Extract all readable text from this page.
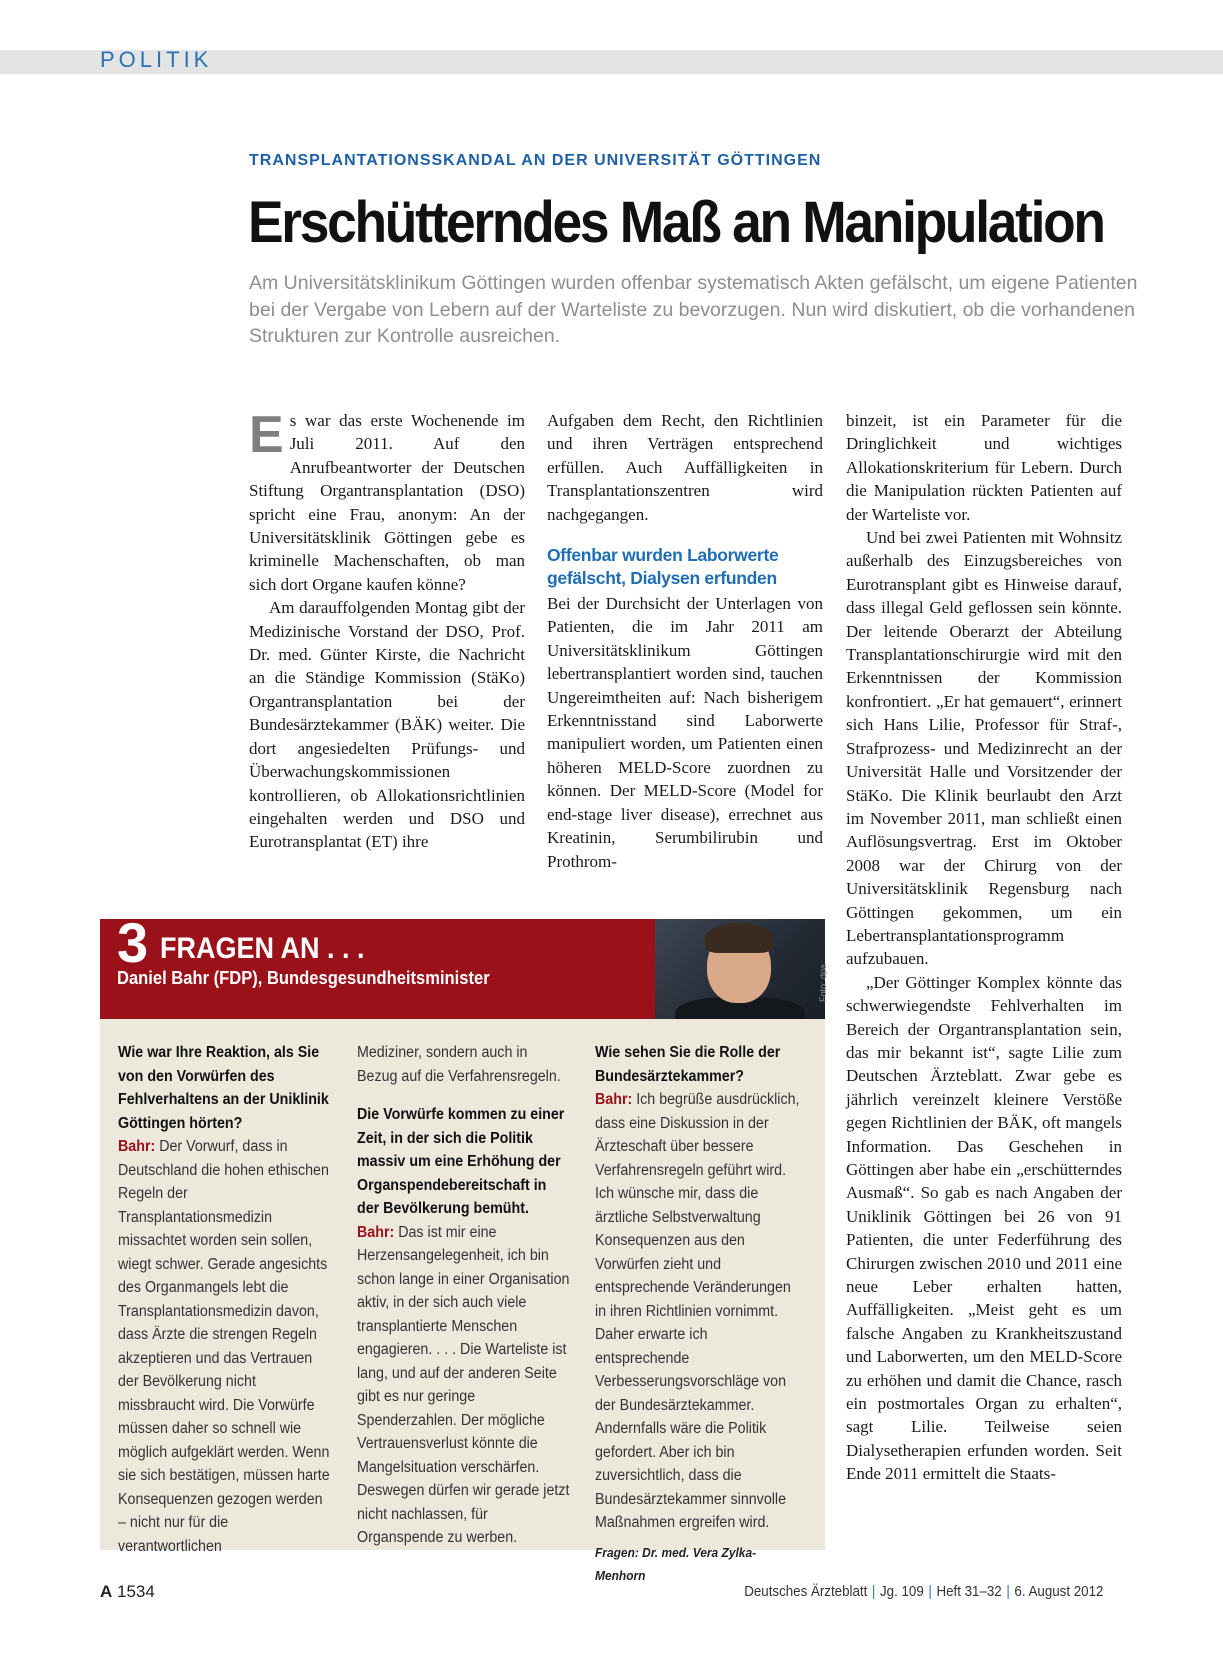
POLITIK
TRANSPLANTATIONSSKANDAL AN DER UNIVERSITÄT GÖTTINGEN
Erschütterndes Maß an Manipulation
Am Universitätsklinikum Göttingen wurden offenbar systematisch Akten gefälscht, um eigene Patienten bei der Vergabe von Lebern auf der Warteliste zu bevorzugen. Nun wird diskutiert, ob die vorhandenen Strukturen zur Kontrolle ausreichen.

Es war das erste Wochenende im Juli 2011. Auf den Anrufbeantworter der Deutschen Stiftung Organtransplantation (DSO) spricht eine Frau, anonym: An der Universitätsklinik Göttingen gebe es kriminelle Machenschaften, ob man sich dort Organe kaufen könne?

Am darauffolgenden Montag gibt der Medizinische Vorstand der DSO, Prof. Dr. med. Günter Kirste, die Nachricht an die Ständige Kommission (StäKo) Organtransplantation bei der Bundesärztekammer (BÄK) weiter. Die dort angesiedelten Prüfungs- und Überwachungskommissionen kontrollieren, ob Allokationsrichtlinien eingehalten werden und DSO und Eurotransplantat (ET) ihre

Aufgaben dem Recht, den Richtlinien und ihren Verträgen entsprechend erfüllen. Auch Auffälligkeiten in Transplantationszentren wird nachgegangen.

Offenbar wurden Laborwerte gefälscht, Dialysen erfunden

Bei der Durchsicht der Unterlagen von Patienten, die im Jahr 2011 am Universitätsklinikum Göttingen lebertransplantiert worden sind, tauchen Ungereimtheiten auf: Nach bisherigem Erkenntnisstand sind Laborwerte manipuliert worden, um Patienten einen höheren MELD-Score zuordnen zu können. Der MELD-Score (Model for end-stage liver disease), errechnet aus Kreatinin, Serumbilirubin und Prothrom-

binzeit, ist ein Parameter für die Dringlichkeit und wichtiges Allokationskriterium für Lebern. Durch die Manipulation rückten Patienten auf der Warteliste vor.

Und bei zwei Patienten mit Wohnsitz außerhalb des Einzugsbereiches von Eurotransplant gibt es Hinweise darauf, dass illegal Geld geflossen sein könnte. Der leitende Oberarzt der Abteilung Transplantationschirurgie wird mit den Erkenntnissen der Kommission konfrontiert. „Er hat gemauert“, erinnert sich Hans Lilie, Professor für Straf-, Strafprozess- und Medizinrecht an der Universität Halle und Vorsitzender der StäKo. Die Klinik beurlaubt den Arzt im November 2011, man schließt einen Auflösungsvertrag. Erst im Oktober 2008 war der Chirurg von der Universitätsklinik Regensburg nach Göttingen gekommen, um ein Lebertransplantationsprogramm aufzubauen.

„Der Göttinger Komplex könnte das schwerwiegendste Fehlverhalten im Bereich der Organtransplantation sein, das mir bekannt ist“, sagte Lilie zum Deutschen Ärzteblatt. Zwar gebe es jährlich vereinzelt kleinere Verstöße gegen Richtlinien der BÄK, oft mangels Information. Das Geschehen in Göttingen aber habe ein „erschütterndes Ausmaß“. So gab es nach Angaben der Uniklinik Göttingen bei 26 von 91 Patienten, die unter Federführung des Chirurgen zwischen 2010 und 2011 eine neue Leber erhalten hatten, Auffälligkeiten. „Meist geht es um falsche Angaben zu Krankheitszustand und Laborwerten, um den MELD-Score zu erhöhen und damit die Chance, rasch ein postmortales Organ zu erhalten“, sagt Lilie. Teilweise seien Dialysetherapien erfunden worden. Seit Ende 2011 ermittelt die Staats-

3 FRAGEN AN . . .
Daniel Bahr (FDP), Bundesgesundheitsminister	Foto: dpa

Wie war Ihre Reaktion, als Sie von den Vorwürfen des Fehlverhaltens an der Uniklinik Göttingen hörten?

Bahr: Der Vorwurf, dass in Deutschland die hohen ethischen Regeln der Transplantationsmedizin missachtet worden sein sollen, wiegt schwer. Gerade angesichts des Organmangels lebt die Transplantationsmedizin davon, dass Ärzte die strengen Regeln akzeptieren und das Vertrauen der Bevölkerung nicht missbraucht wird. Die Vorwürfe müssen daher so schnell wie möglich aufgeklärt werden. Wenn sie sich bestätigen, müssen harte Konsequenzen gezogen werden – nicht nur für die verantwortlichen

Mediziner, sondern auch in Bezug auf die Verfahrensregeln.

Die Vorwürfe kommen zu einer Zeit, in der sich die Politik massiv um eine Erhöhung der Organspendebereitschaft in der Bevölkerung bemüht.

Bahr: Das ist mir eine Herzensangelegenheit, ich bin schon lange in einer Organisation aktiv, in der sich auch viele transplantierte Menschen engagieren. . . . Die Warteliste ist lang, und auf der anderen Seite gibt es nur geringe Spenderzahlen. Der mögliche Vertrauensverlust könnte die Mangelsituation verschärfen. Deswegen dürfen wir gerade jetzt nicht nachlassen, für Organspende zu werben.

Wie sehen Sie die Rolle der Bundesärztekammer?

Bahr: Ich begrüße ausdrücklich, dass eine Diskussion in der Ärzteschaft über bessere Verfahrensregeln geführt wird. Ich wünsche mir, dass die ärztliche Selbstverwaltung Konsequenzen aus den Vorwürfen zieht und entsprechende Veränderungen in ihren Richtlinien vornimmt. Daher erwarte ich entsprechende Verbesserungsvorschläge von der Bundesärztekammer. Andernfalls wäre die Politik gefordert. Aber ich bin zuversichtlich, dass die Bundesärztekammer sinnvolle Maßnahmen ergreifen wird.

Fragen: Dr. med. Vera Zylka-Menhorn

A 1534	Deutsches Ärzteblatt | Jg. 109 | Heft 31–32 | 6. August 2012
